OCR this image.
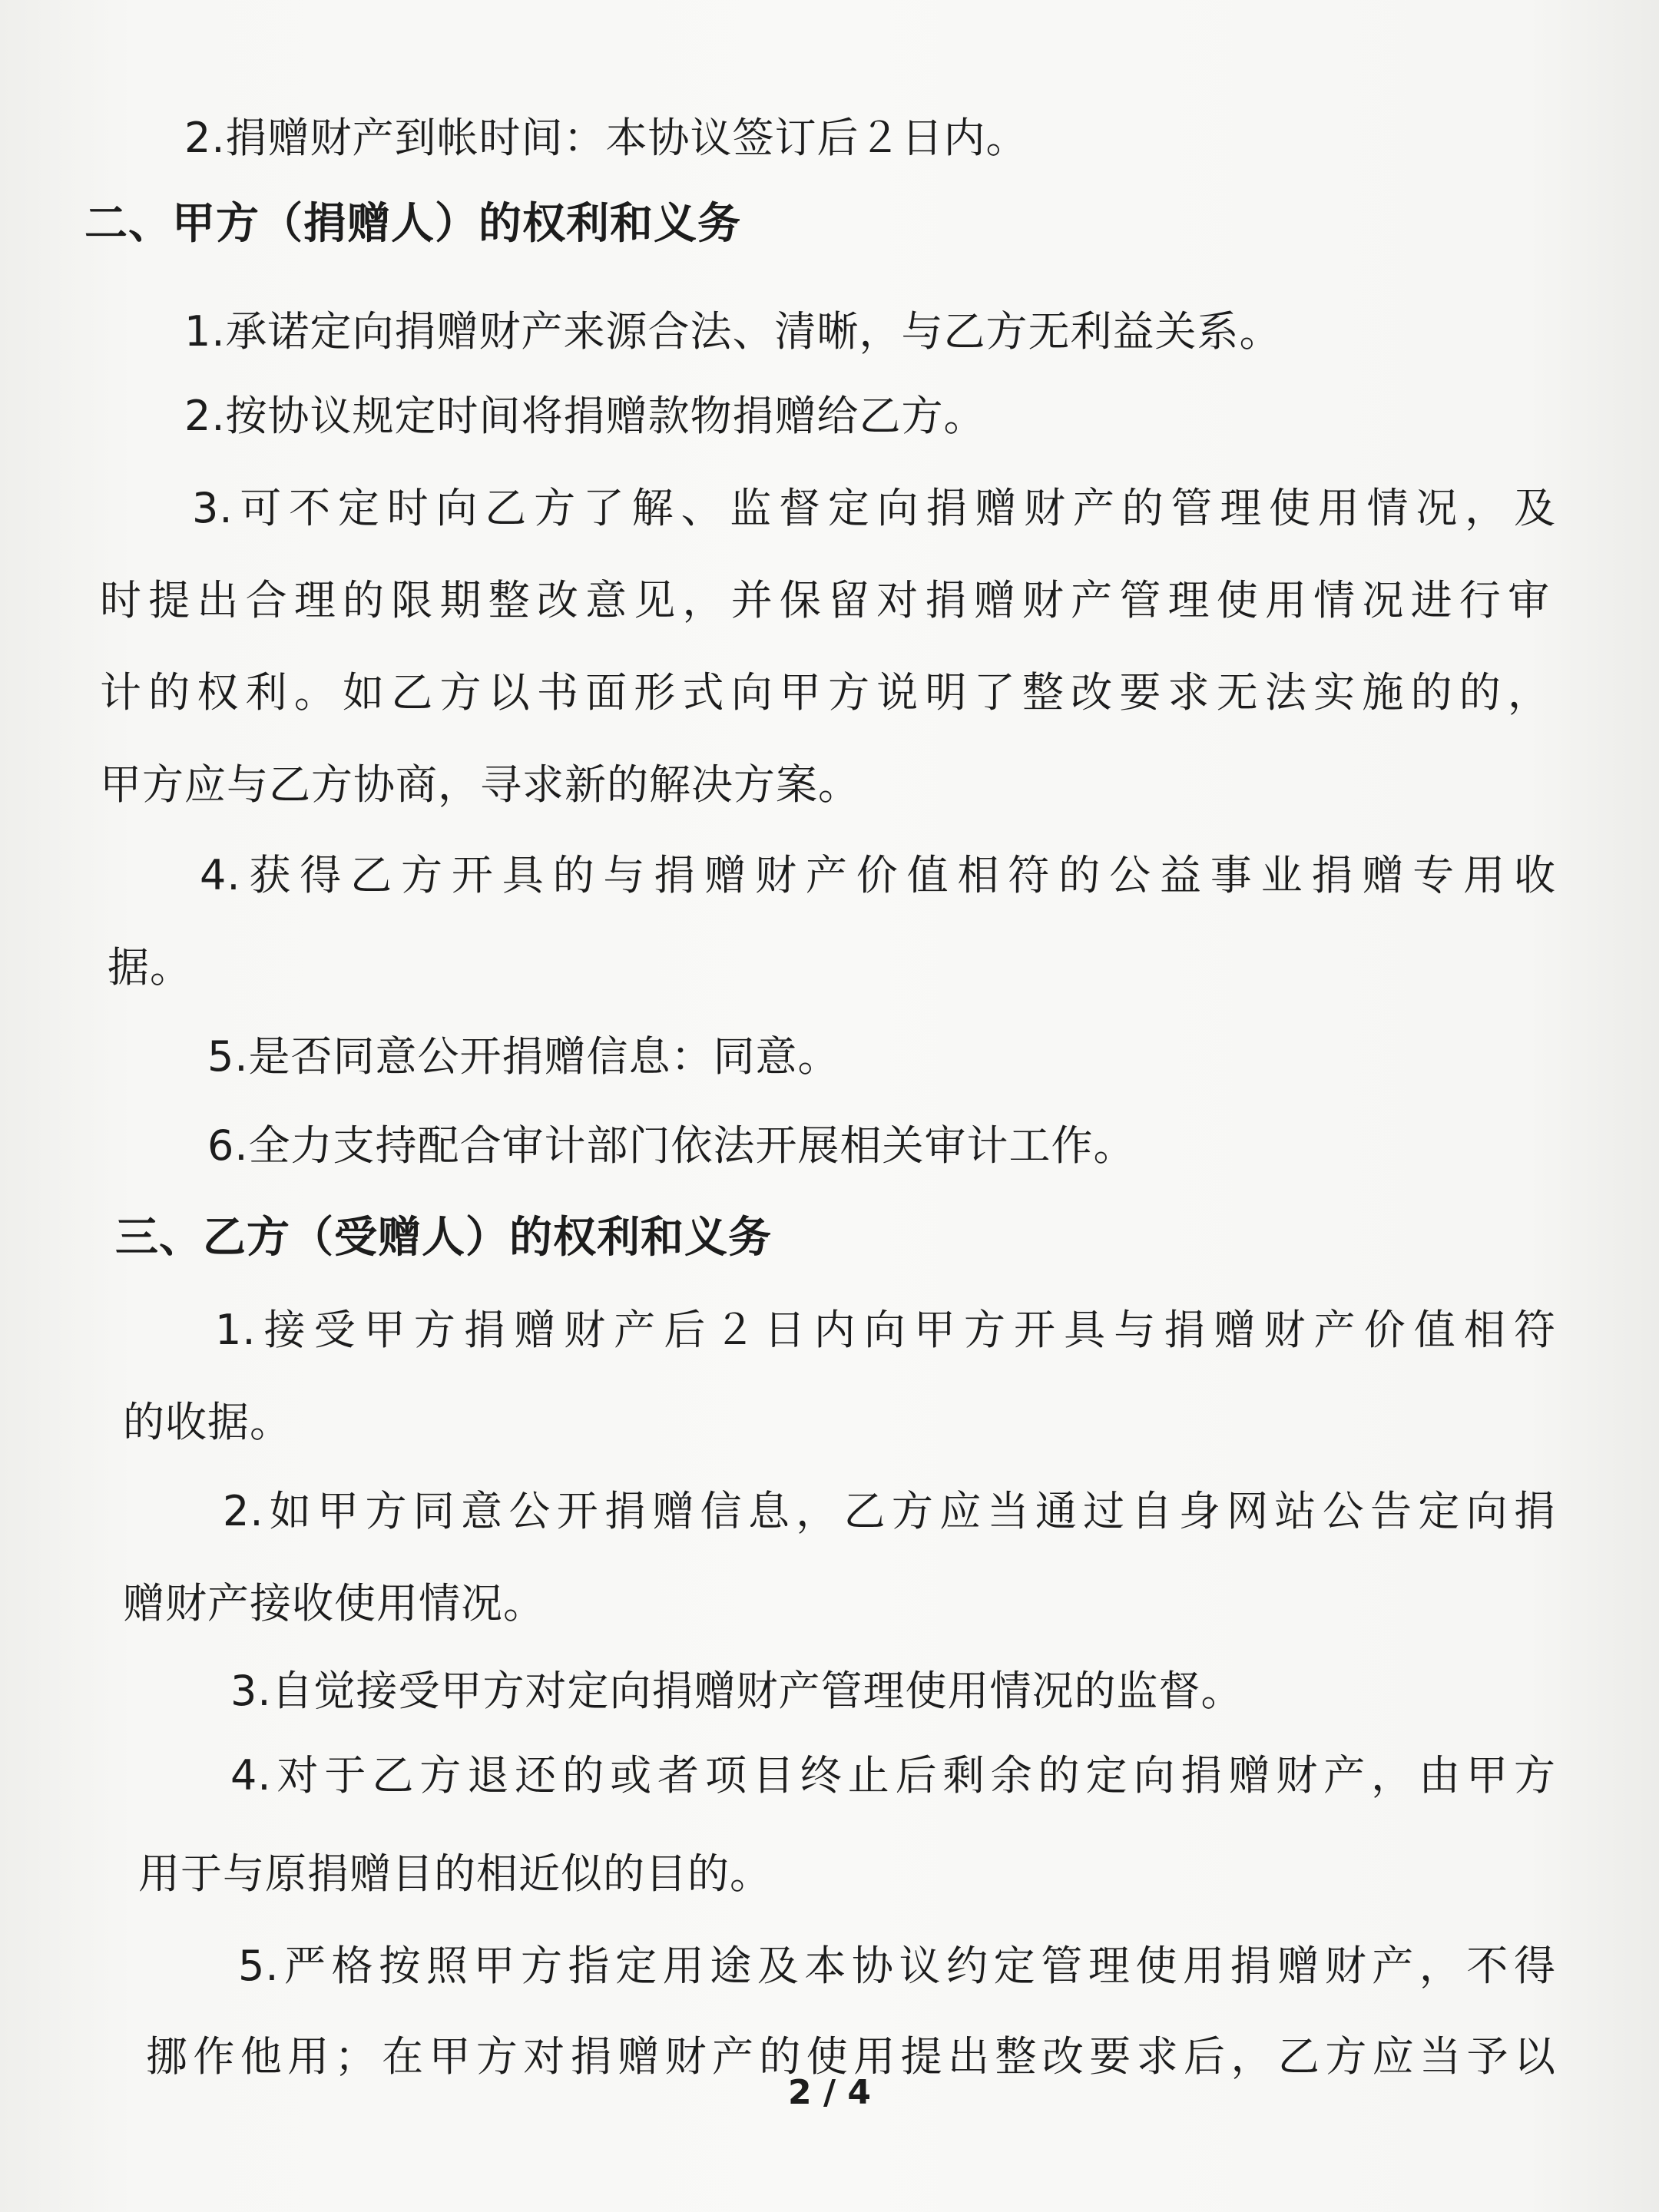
2.捐赠财产到帐时间：本协议签订后２日内。
二、甲方（捐赠人）的权利和义务
1.承诺定向捐赠财产来源合法、清晰，与乙方无利益关系。
2.按协议规定时间将捐赠款物捐赠给乙方。
3.可不定时向乙方了解、监督定向捐赠财产的管理使用情况，及
时提出合理的限期整改意见，并保留对捐赠财产管理使用情况进行审
计的权利。如乙方以书面形式向甲方说明了整改要求无法实施的的，
甲方应与乙方协商，寻求新的解决方案。
4.获得乙方开具的与捐赠财产价值相符的公益事业捐赠专用收
据。
5.是否同意公开捐赠信息：同意。
6.全力支持配合审计部门依法开展相关审计工作。
三、乙方（受赠人）的权利和义务
1.接受甲方捐赠财产后２日内向甲方开具与捐赠财产价值相符
的收据。
2.如甲方同意公开捐赠信息，乙方应当通过自身网站公告定向捐
赠财产接收使用情况。
3.自觉接受甲方对定向捐赠财产管理使用情况的监督。
4.对于乙方退还的或者项目终止后剩余的定向捐赠财产，由甲方
用于与原捐赠目的相近似的目的。
5.严格按照甲方指定用途及本协议约定管理使用捐赠财产，不得
挪作他用；在甲方对捐赠财产的使用提出整改要求后，乙方应当予以
2 / 4
